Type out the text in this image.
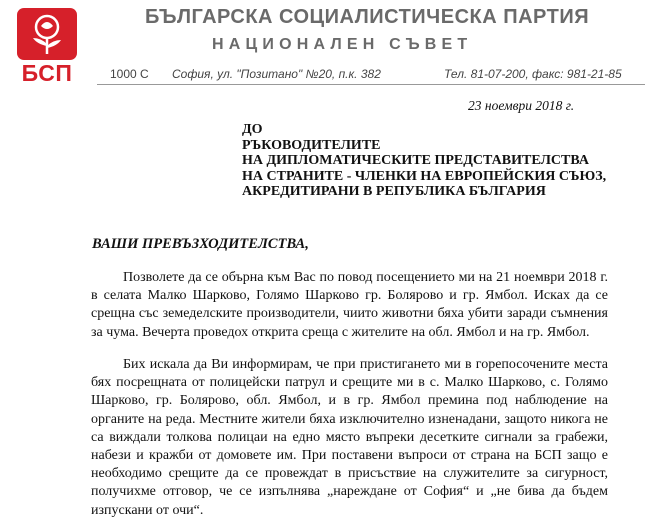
БСП
БЪЛГАРСКА СОЦИАЛИСТИЧЕСКА ПАРТИЯ
НАЦИОНАЛЕН СЪВЕТ
1000 С София, ул. "Позитано" №20, п.к. 382	Тел. 81-07-200, факс: 981-21-85
23 ноември 2018 г.
ДО
РЪКОВОДИТЕЛИТЕ
НА ДИПЛОМАТИЧЕСКИТЕ ПРЕДСТАВИТЕЛСТВА
НА СТРАНИТЕ - ЧЛЕНКИ НА ЕВРОПЕЙСКИЯ СЪЮЗ,
АКРЕДИТИРАНИ В РЕПУБЛИКА БЪЛГАРИЯ
ВАШИ ПРЕВЪЗХОДИТЕЛСТВА,

Позволете да се обърна към Вас по повод посещението ми на 21 ноември 2018 г. в селата Малко Шарково, Голямо Шарково гр. Болярово и гр. Ямбол. Исках да се срещна със земеделските производители, чиито животни бяха убити заради съмнения за чума. Вечерта проведох открита среща с жителите на обл. Ямбол и на гр. Ямбол.

Бих искала да Ви информирам, че при пристигането ми в горепосочените места бях посрещната от полицейски патрул и срещите ми в с. Малко Шарково, с. Голямо Шарково, гр. Болярово, обл. Ямбол, и в гр. Ямбол премина под наблюдение на органите на реда. Местните жители бяха изключително изненадани, защото никога не са виждали толкова полицаи на едно място въпреки десетките сигнали за грабежи, набези и кражби от домовете им. При поставени въпроси от страна на БСП защо е необходимо срещите да се провеждат в присъствие на служителите за сигурност, получихме отговор, че се изпълнява „нареждане от София“ и „не бива да бъдем изпускани от очи“.
